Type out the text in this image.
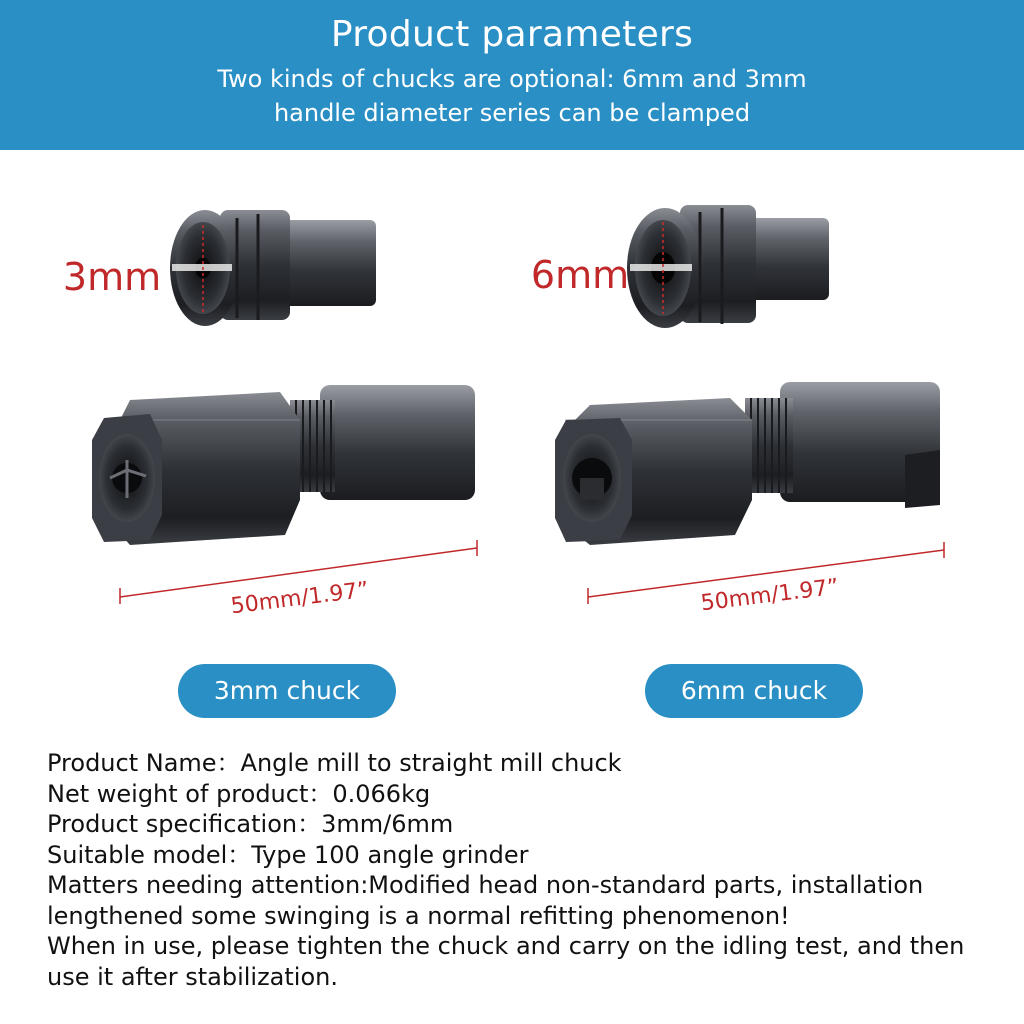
Product parameters
Two kinds of chucks are optional: 6mm and 3mm
handle diameter series can be clamped
3mm	6mm
50mm/1.97”	50mm/1.97”
3mm chuck	6mm chuck
Product Name：Angle mill to straight mill chuck
Net weight of product：0.066kg
Product specification：3mm/6mm
Suitable model：Type 100 angle grinder
Matters needing attention:Modified head non-standard parts, installation
lengthened some swinging is a normal refitting phenomenon!
When in use, please tighten the chuck and carry on the idling test, and then
use it after stabilization.
